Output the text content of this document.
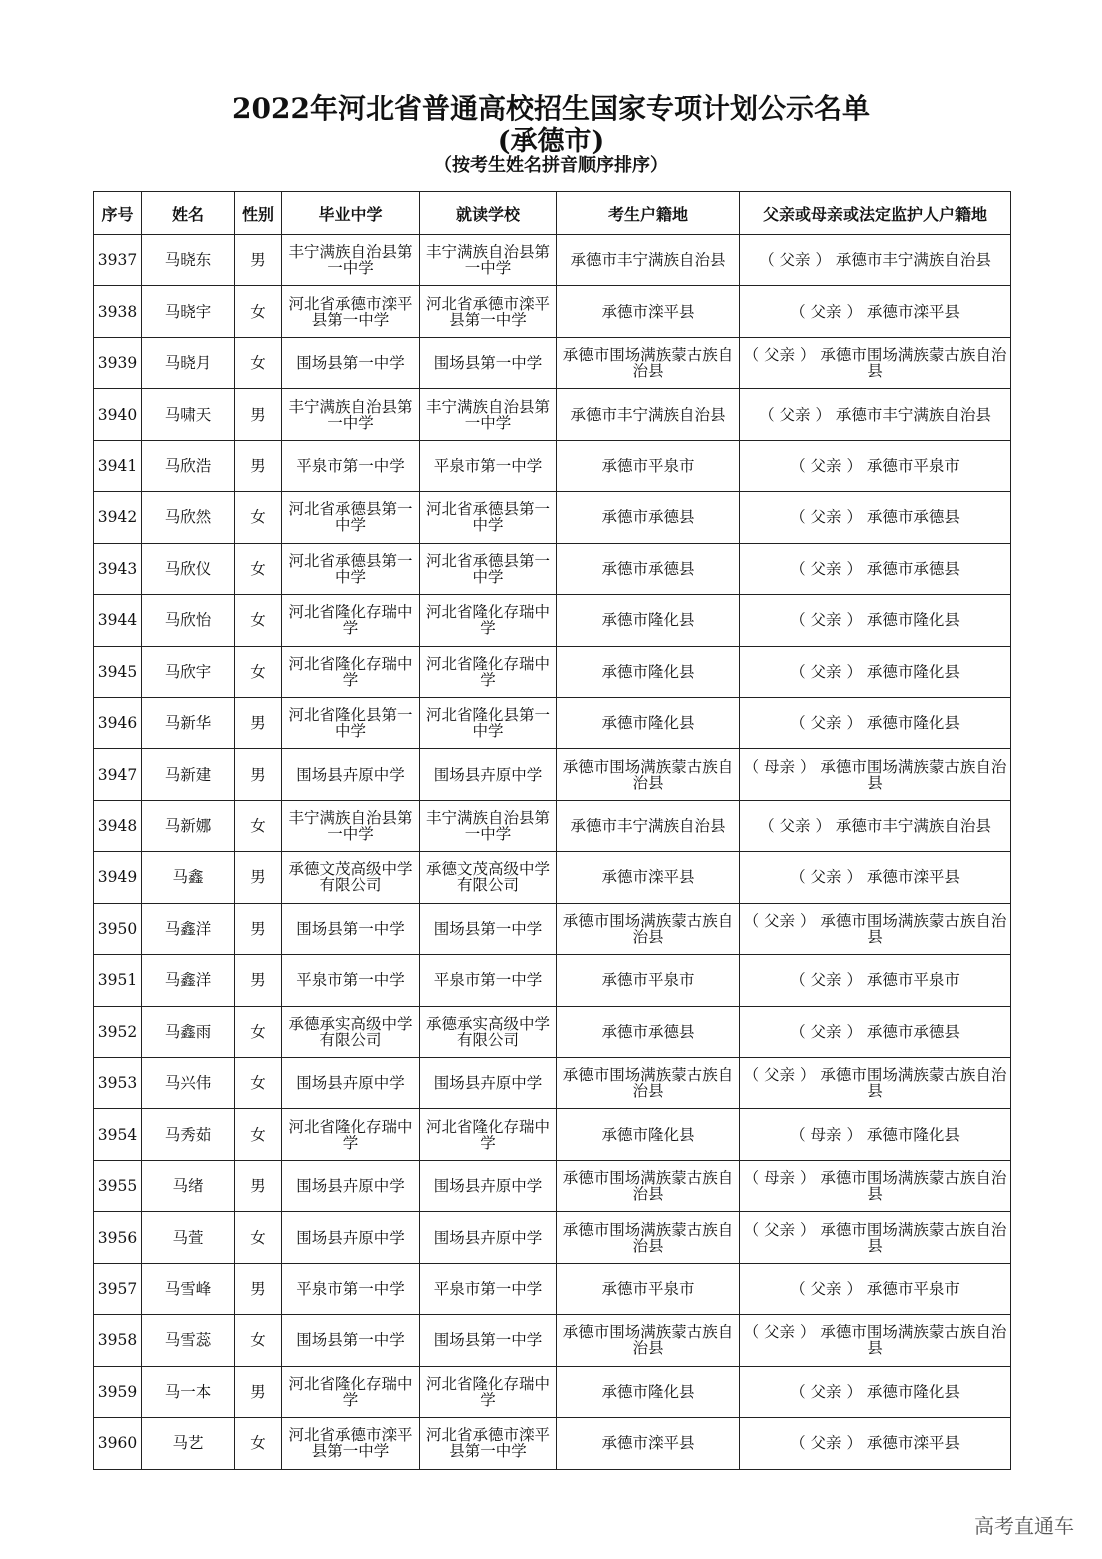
2022年河北省普通高校招生国家专项计划公示名单
(承德市)
（按考生姓名拼音顺序排序）
序号	姓名	性别	毕业中学	就读学校	考生户籍地	父亲或母亲或法定监护人户籍地
3937	马晓东	男	丰宁满族自治县第一中学	丰宁满族自治县第一中学	承德市丰宁满族自治县	（ 父亲 ） 承德市丰宁满族自治县
3938	马晓宇	女	河北省承德市滦平县第一中学	河北省承德市滦平县第一中学	承德市滦平县	（ 父亲 ） 承德市滦平县
3939	马晓月	女	围场县第一中学	围场县第一中学	承德市围场满族蒙古族自治县	（ 父亲 ） 承德市围场满族蒙古族自治县
3940	马啸天	男	丰宁满族自治县第一中学	丰宁满族自治县第一中学	承德市丰宁满族自治县	（ 父亲 ） 承德市丰宁满族自治县
3941	马欣浩	男	平泉市第一中学	平泉市第一中学	承德市平泉市	（ 父亲 ） 承德市平泉市
3942	马欣然	女	河北省承德县第一中学	河北省承德县第一中学	承德市承德县	（ 父亲 ） 承德市承德县
3943	马欣仪	女	河北省承德县第一中学	河北省承德县第一中学	承德市承德县	（ 父亲 ） 承德市承德县
3944	马欣怡	女	河北省隆化存瑞中学	河北省隆化存瑞中学	承德市隆化县	（ 父亲 ） 承德市隆化县
3945	马欣宇	女	河北省隆化存瑞中学	河北省隆化存瑞中学	承德市隆化县	（ 父亲 ） 承德市隆化县
3946	马新华	男	河北省隆化县第一中学	河北省隆化县第一中学	承德市隆化县	（ 父亲 ） 承德市隆化县
3947	马新建	男	围场县卉原中学	围场县卉原中学	承德市围场满族蒙古族自治县	（ 母亲 ） 承德市围场满族蒙古族自治县
3948	马新娜	女	丰宁满族自治县第一中学	丰宁满族自治县第一中学	承德市丰宁满族自治县	（ 父亲 ） 承德市丰宁满族自治县
3949	马鑫	男	承德文茂高级中学有限公司	承德文茂高级中学有限公司	承德市滦平县	（ 父亲 ） 承德市滦平县
3950	马鑫洋	男	围场县第一中学	围场县第一中学	承德市围场满族蒙古族自治县	（ 父亲 ） 承德市围场满族蒙古族自治县
3951	马鑫洋	男	平泉市第一中学	平泉市第一中学	承德市平泉市	（ 父亲 ） 承德市平泉市
3952	马鑫雨	女	承德承实高级中学有限公司	承德承实高级中学有限公司	承德市承德县	（ 父亲 ） 承德市承德县
3953	马兴伟	女	围场县卉原中学	围场县卉原中学	承德市围场满族蒙古族自治县	（ 父亲 ） 承德市围场满族蒙古族自治县
3954	马秀茹	女	河北省隆化存瑞中学	河北省隆化存瑞中学	承德市隆化县	（ 母亲 ） 承德市隆化县
3955	马绪	男	围场县卉原中学	围场县卉原中学	承德市围场满族蒙古族自治县	（ 母亲 ） 承德市围场满族蒙古族自治县
3956	马萱	女	围场县卉原中学	围场县卉原中学	承德市围场满族蒙古族自治县	（ 父亲 ） 承德市围场满族蒙古族自治县
3957	马雪峰	男	平泉市第一中学	平泉市第一中学	承德市平泉市	（ 父亲 ） 承德市平泉市
3958	马雪蕊	女	围场县第一中学	围场县第一中学	承德市围场满族蒙古族自治县	（ 父亲 ） 承德市围场满族蒙古族自治县
3959	马一本	男	河北省隆化存瑞中学	河北省隆化存瑞中学	承德市隆化县	（ 父亲 ） 承德市隆化县
3960	马艺	女	河北省承德市滦平县第一中学	河北省承德市滦平县第一中学	承德市滦平县	（ 父亲 ） 承德市滦平县
高考直通车
